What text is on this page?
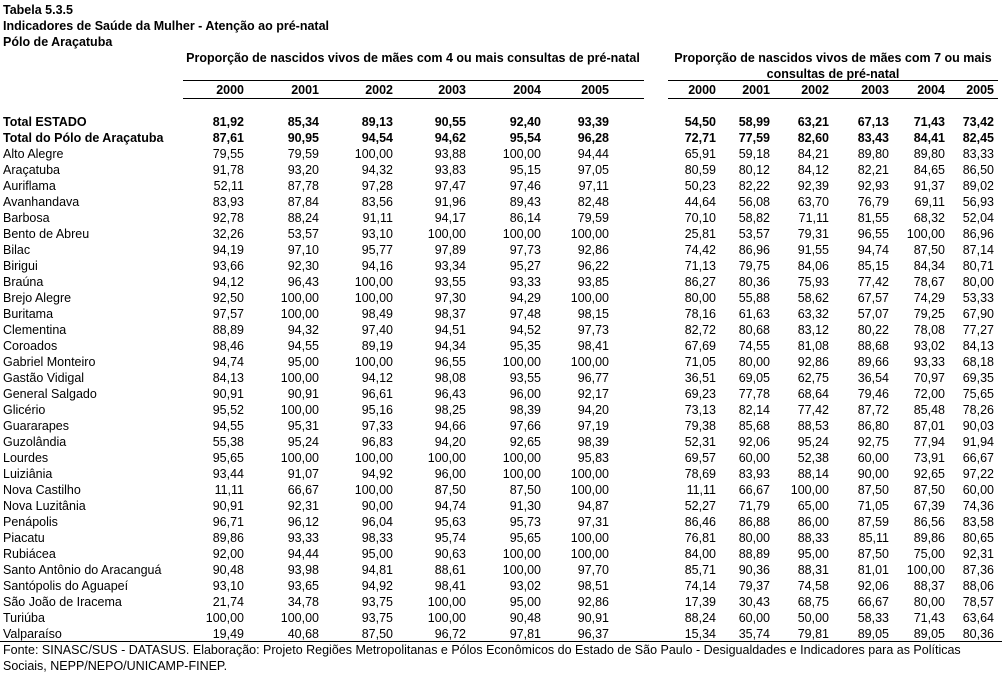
Tabela 5.3.5
Indicadores de Saúde da Mulher - Atenção ao pré-natal
Pólo de Araçatuba
Proporção de nascidos vivos de mães com 4 ou mais consultas de pré-natal	Proporção de nascidos vivos de mães com 7 ou mais consultas de pré-natal
2000	2001	2002	2003	2004	2005	2000	2001	2002	2003	2004	2005
Total ESTADO	81,92	85,34	89,13	90,55	92,40	93,39	54,50	58,99	63,21	67,13	71,43	73,42
Total do Pólo de Araçatuba	87,61	90,95	94,54	94,62	95,54	96,28	72,71	77,59	82,60	83,43	84,41	82,45
Alto Alegre	79,55	79,59	100,00	93,88	100,00	94,44	65,91	59,18	84,21	89,80	89,80	83,33
Araçatuba	91,78	93,20	94,32	93,83	95,15	97,05	80,59	80,12	84,12	82,21	84,65	86,50
Auriflama	52,11	87,78	97,28	97,47	97,46	97,11	50,23	82,22	92,39	92,93	91,37	89,02
Avanhandava	83,93	87,84	83,56	91,96	89,43	82,48	44,64	56,08	63,70	76,79	69,11	56,93
Barbosa	92,78	88,24	91,11	94,17	86,14	79,59	70,10	58,82	71,11	81,55	68,32	52,04
Bento de Abreu	32,26	53,57	93,10	100,00	100,00	100,00	25,81	53,57	79,31	96,55	100,00	86,96
Bilac	94,19	97,10	95,77	97,89	97,73	92,86	74,42	86,96	91,55	94,74	87,50	87,14
Birigui	93,66	92,30	94,16	93,34	95,27	96,22	71,13	79,75	84,06	85,15	84,34	80,71
Braúna	94,12	96,43	100,00	93,55	93,33	93,85	86,27	80,36	75,93	77,42	78,67	80,00
Brejo Alegre	92,50	100,00	100,00	97,30	94,29	100,00	80,00	55,88	58,62	67,57	74,29	53,33
Buritama	97,57	100,00	98,49	98,37	97,48	98,15	78,16	61,63	63,32	57,07	79,25	67,90
Clementina	88,89	94,32	97,40	94,51	94,52	97,73	82,72	80,68	83,12	80,22	78,08	77,27
Coroados	98,46	94,55	89,19	94,34	95,35	98,41	67,69	74,55	81,08	88,68	93,02	84,13
Gabriel Monteiro	94,74	95,00	100,00	96,55	100,00	100,00	71,05	80,00	92,86	89,66	93,33	68,18
Gastão Vidigal	84,13	100,00	94,12	98,08	93,55	96,77	36,51	69,05	62,75	36,54	70,97	69,35
General Salgado	90,91	90,91	96,61	96,43	96,00	92,17	69,23	77,78	68,64	79,46	72,00	75,65
Glicério	95,52	100,00	95,16	98,25	98,39	94,20	73,13	82,14	77,42	87,72	85,48	78,26
Guararapes	94,55	95,31	97,33	94,66	97,66	97,19	79,38	85,68	88,53	86,80	87,01	90,03
Guzolândia	55,38	95,24	96,83	94,20	92,65	98,39	52,31	92,06	95,24	92,75	77,94	91,94
Lourdes	95,65	100,00	100,00	100,00	100,00	95,83	69,57	60,00	52,38	60,00	73,91	66,67
Luiziânia	93,44	91,07	94,92	96,00	100,00	100,00	78,69	83,93	88,14	90,00	92,65	97,22
Nova Castilho	11,11	66,67	100,00	87,50	87,50	100,00	11,11	66,67	100,00	87,50	87,50	60,00
Nova Luzitânia	90,91	92,31	90,00	94,74	91,30	94,87	52,27	71,79	65,00	71,05	67,39	74,36
Penápolis	96,71	96,12	96,04	95,63	95,73	97,31	86,46	86,88	86,00	87,59	86,56	83,58
Piacatu	89,86	93,33	98,33	95,74	95,65	100,00	76,81	80,00	88,33	85,11	89,86	80,65
Rubiácea	92,00	94,44	95,00	90,63	100,00	100,00	84,00	88,89	95,00	87,50	75,00	92,31
Santo Antônio do Aracanguá	90,48	93,98	94,81	88,61	100,00	97,70	85,71	90,36	88,31	81,01	100,00	87,36
Santópolis do Aguapeí	93,10	93,65	94,92	98,41	93,02	98,51	74,14	79,37	74,58	92,06	88,37	88,06
São João de Iracema	21,74	34,78	93,75	100,00	95,00	92,86	17,39	30,43	68,75	66,67	80,00	78,57
Turiúba	100,00	100,00	93,75	100,00	90,48	90,91	88,24	60,00	50,00	58,33	71,43	63,64
Valparaíso	19,49	40,68	87,50	96,72	97,81	96,37	15,34	35,74	79,81	89,05	89,05	80,36
Fonte: SINASC/SUS - DATASUS. Elaboração: Projeto Regiões Metropolitanas e Pólos Econômicos do Estado de São Paulo - Desigualdades e Indicadores para as Políticas Sociais, NEPP/NEPO/UNICAMP-FINEP.
